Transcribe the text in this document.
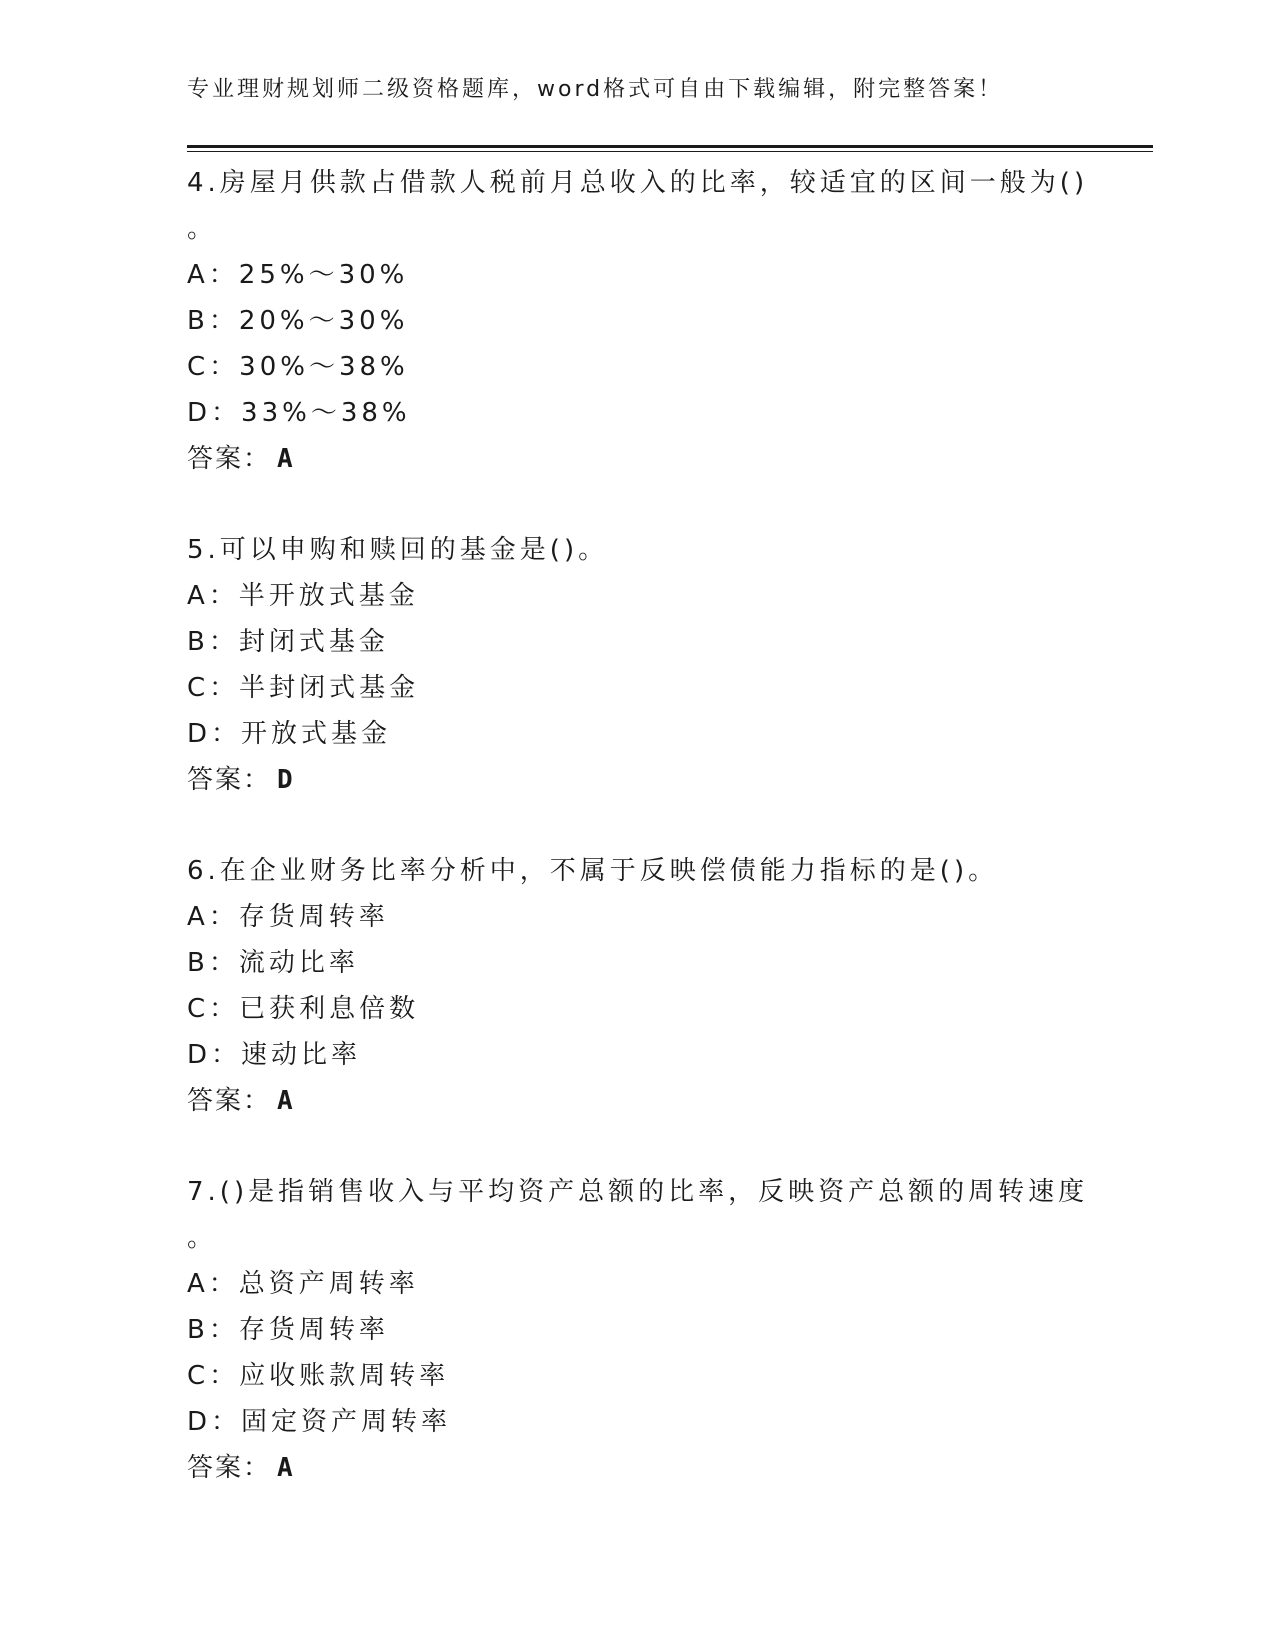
专业理财规划师二级资格题库，word格式可自由下载编辑，附完整答案！
4.房屋月供款占借款人税前月总收入的比率，较适宜的区间一般为()
。
A：25%～30%
B：20%～30%
C：30%～38%
D：33%～38%
答案： A
5.可以申购和赎回的基金是()。
A：半开放式基金
B：封闭式基金
C：半封闭式基金
D：开放式基金
答案： D
6.在企业财务比率分析中，不属于反映偿债能力指标的是()。
A：存货周转率
B：流动比率
C：已获利息倍数
D：速动比率
答案： A
7.()是指销售收入与平均资产总额的比率，反映资产总额的周转速度
。
A：总资产周转率
B：存货周转率
C：应收账款周转率
D：固定资产周转率
答案： A
